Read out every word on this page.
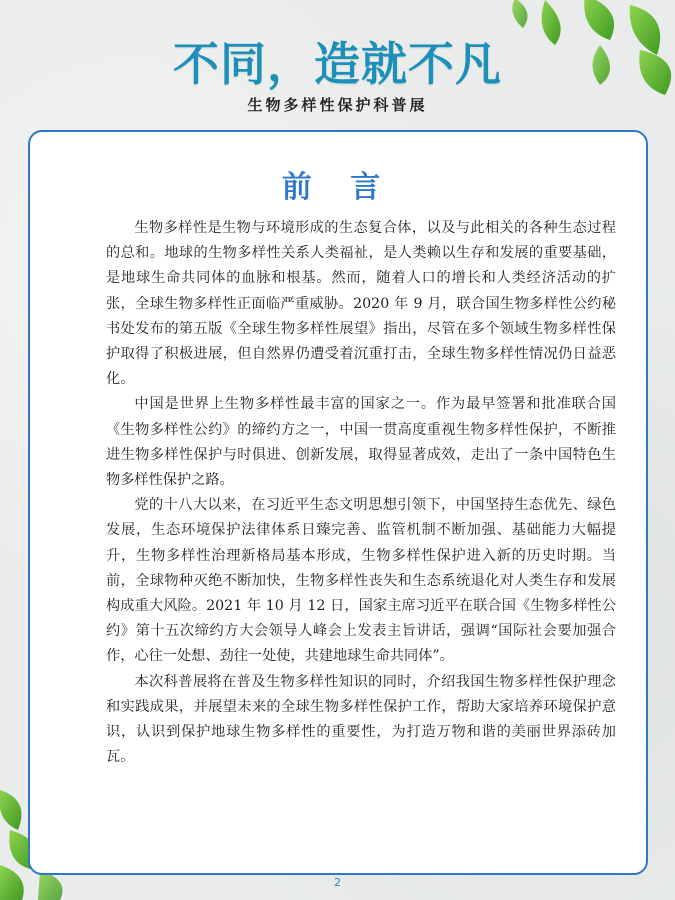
不同，造就不凡
生物多样性保护科普展
前 言

生物多样性是生物与环境形成的生态复合体，以及与此相关的各种生态过程的总和。地球的生物多样性关系人类福祉，是人类赖以生存和发展的重要基础，是地球生命共同体的血脉和根基。然而，随着人口的增长和人类经济活动的扩张，全球生物多样性正面临严重威胁。2020 年 9 月，联合国生物多样性公约秘书处发布的第五版《全球生物多样性展望》指出，尽管在多个领域生物多样性保护取得了积极进展，但自然界仍遭受着沉重打击，全球生物多样性情况仍日益恶化。

中国是世界上生物多样性最丰富的国家之一。作为最早签署和批准联合国《生物多样性公约》的缔约方之一，中国一贯高度重视生物多样性保护，不断推进生物多样性保护与时俱进、创新发展，取得显著成效，走出了一条中国特色生物多样性保护之路。

党的十八大以来，在习近平生态文明思想引领下，中国坚持生态优先、绿色发展，生态环境保护法律体系日臻完善、监管机制不断加强、基础能力大幅提升，生物多样性治理新格局基本形成，生物多样性保护进入新的历史时期。当前，全球物种灭绝不断加快，生物多样性丧失和生态系统退化对人类生存和发展构成重大风险。2021 年 10 月 12 日，国家主席习近平在联合国《生物多样性公约》第十五次缔约方大会领导人峰会上发表主旨讲话，强调“国际社会要加强合作，心往一处想、劲往一处使，共建地球生命共同体”。

本次科普展将在普及生物多样性知识的同时，介绍我国生物多样性保护理念和实践成果，并展望未来的全球生物多样性保护工作，帮助大家培养环境保护意识，认识到保护地球生物多样性的重要性，为打造万物和谐的美丽世界添砖加瓦。

2
